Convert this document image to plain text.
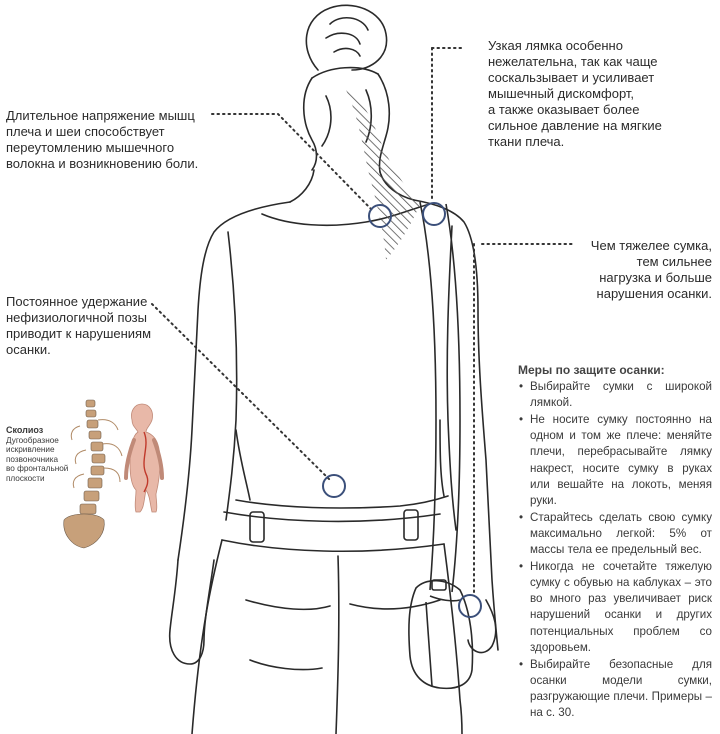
Узкая лямка особенно
нежелательна, так как чаще
соскальзывает и усиливает
мышечный дискомфорт,
а также оказывает более
сильное давление на мягкие
ткани плеча.
Длительное напряжение мышц
плеча и шеи способствует
переутомлению мышечного
волокна и возникновению боли.
Чем тяжелее сумка,
тем сильнее
нагрузка и больше
нарушения осанки.
Постоянное удержание
нефизиологичной позы
приводит к нарушениям
осанки.
Сколиоз
Дугообразное
искривление
позвоночника
во фронтальной
плоскости
Меры по защите осанки:
• Выбирайте сумки с широкой лямкой.
• Не носите сумку постоянно на одном и том же плече: меняйте плечи, перебрасывайте лямку накрест, носите сумку в руках или вешайте на локоть, меняя руки.
• Старайтесь сделать свою сумку максимально легкой: 5% от массы тела ее предельный вес.
• Никогда не сочетайте тяжелую сумку с обувью на каблуках – это во много раз увеличивает риск нарушений осанки и других потенциальных проблем со здоровьем.
• Выбирайте безопасные для осанки модели сумки, разгружающие плечи. Примеры – на с. 30.
